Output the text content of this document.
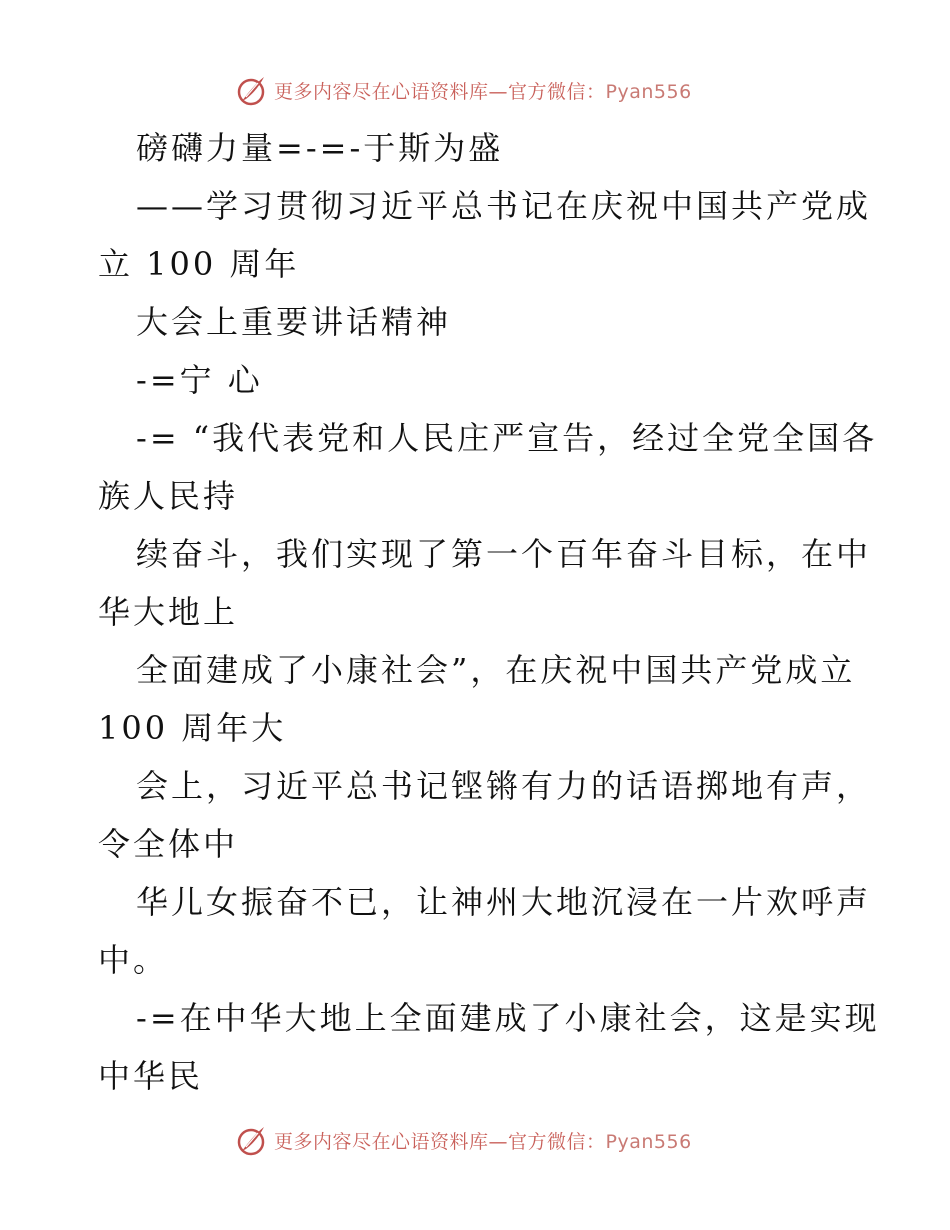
更多内容尽在心语资料库—官方微信：Pyan556
磅礴力量=-=-于斯为盛
——学习贯彻习近平总书记在庆祝中国共产党成
立 100 周年
大会上重要讲话精神
-=宁 心
-= “我代表党和人民庄严宣告，经过全党全国各
族人民持
续奋斗，我们实现了第一个百年奋斗目标，在中
华大地上
全面建成了小康社会”，在庆祝中国共产党成立
100 周年大
会上，习近平总书记铿锵有力的话语掷地有声，
令全体中
华儿女振奋不已，让神州大地沉浸在一片欢呼声
中。
-=在中华大地上全面建成了小康社会，这是实现
中华民
更多内容尽在心语资料库—官方微信：Pyan556
